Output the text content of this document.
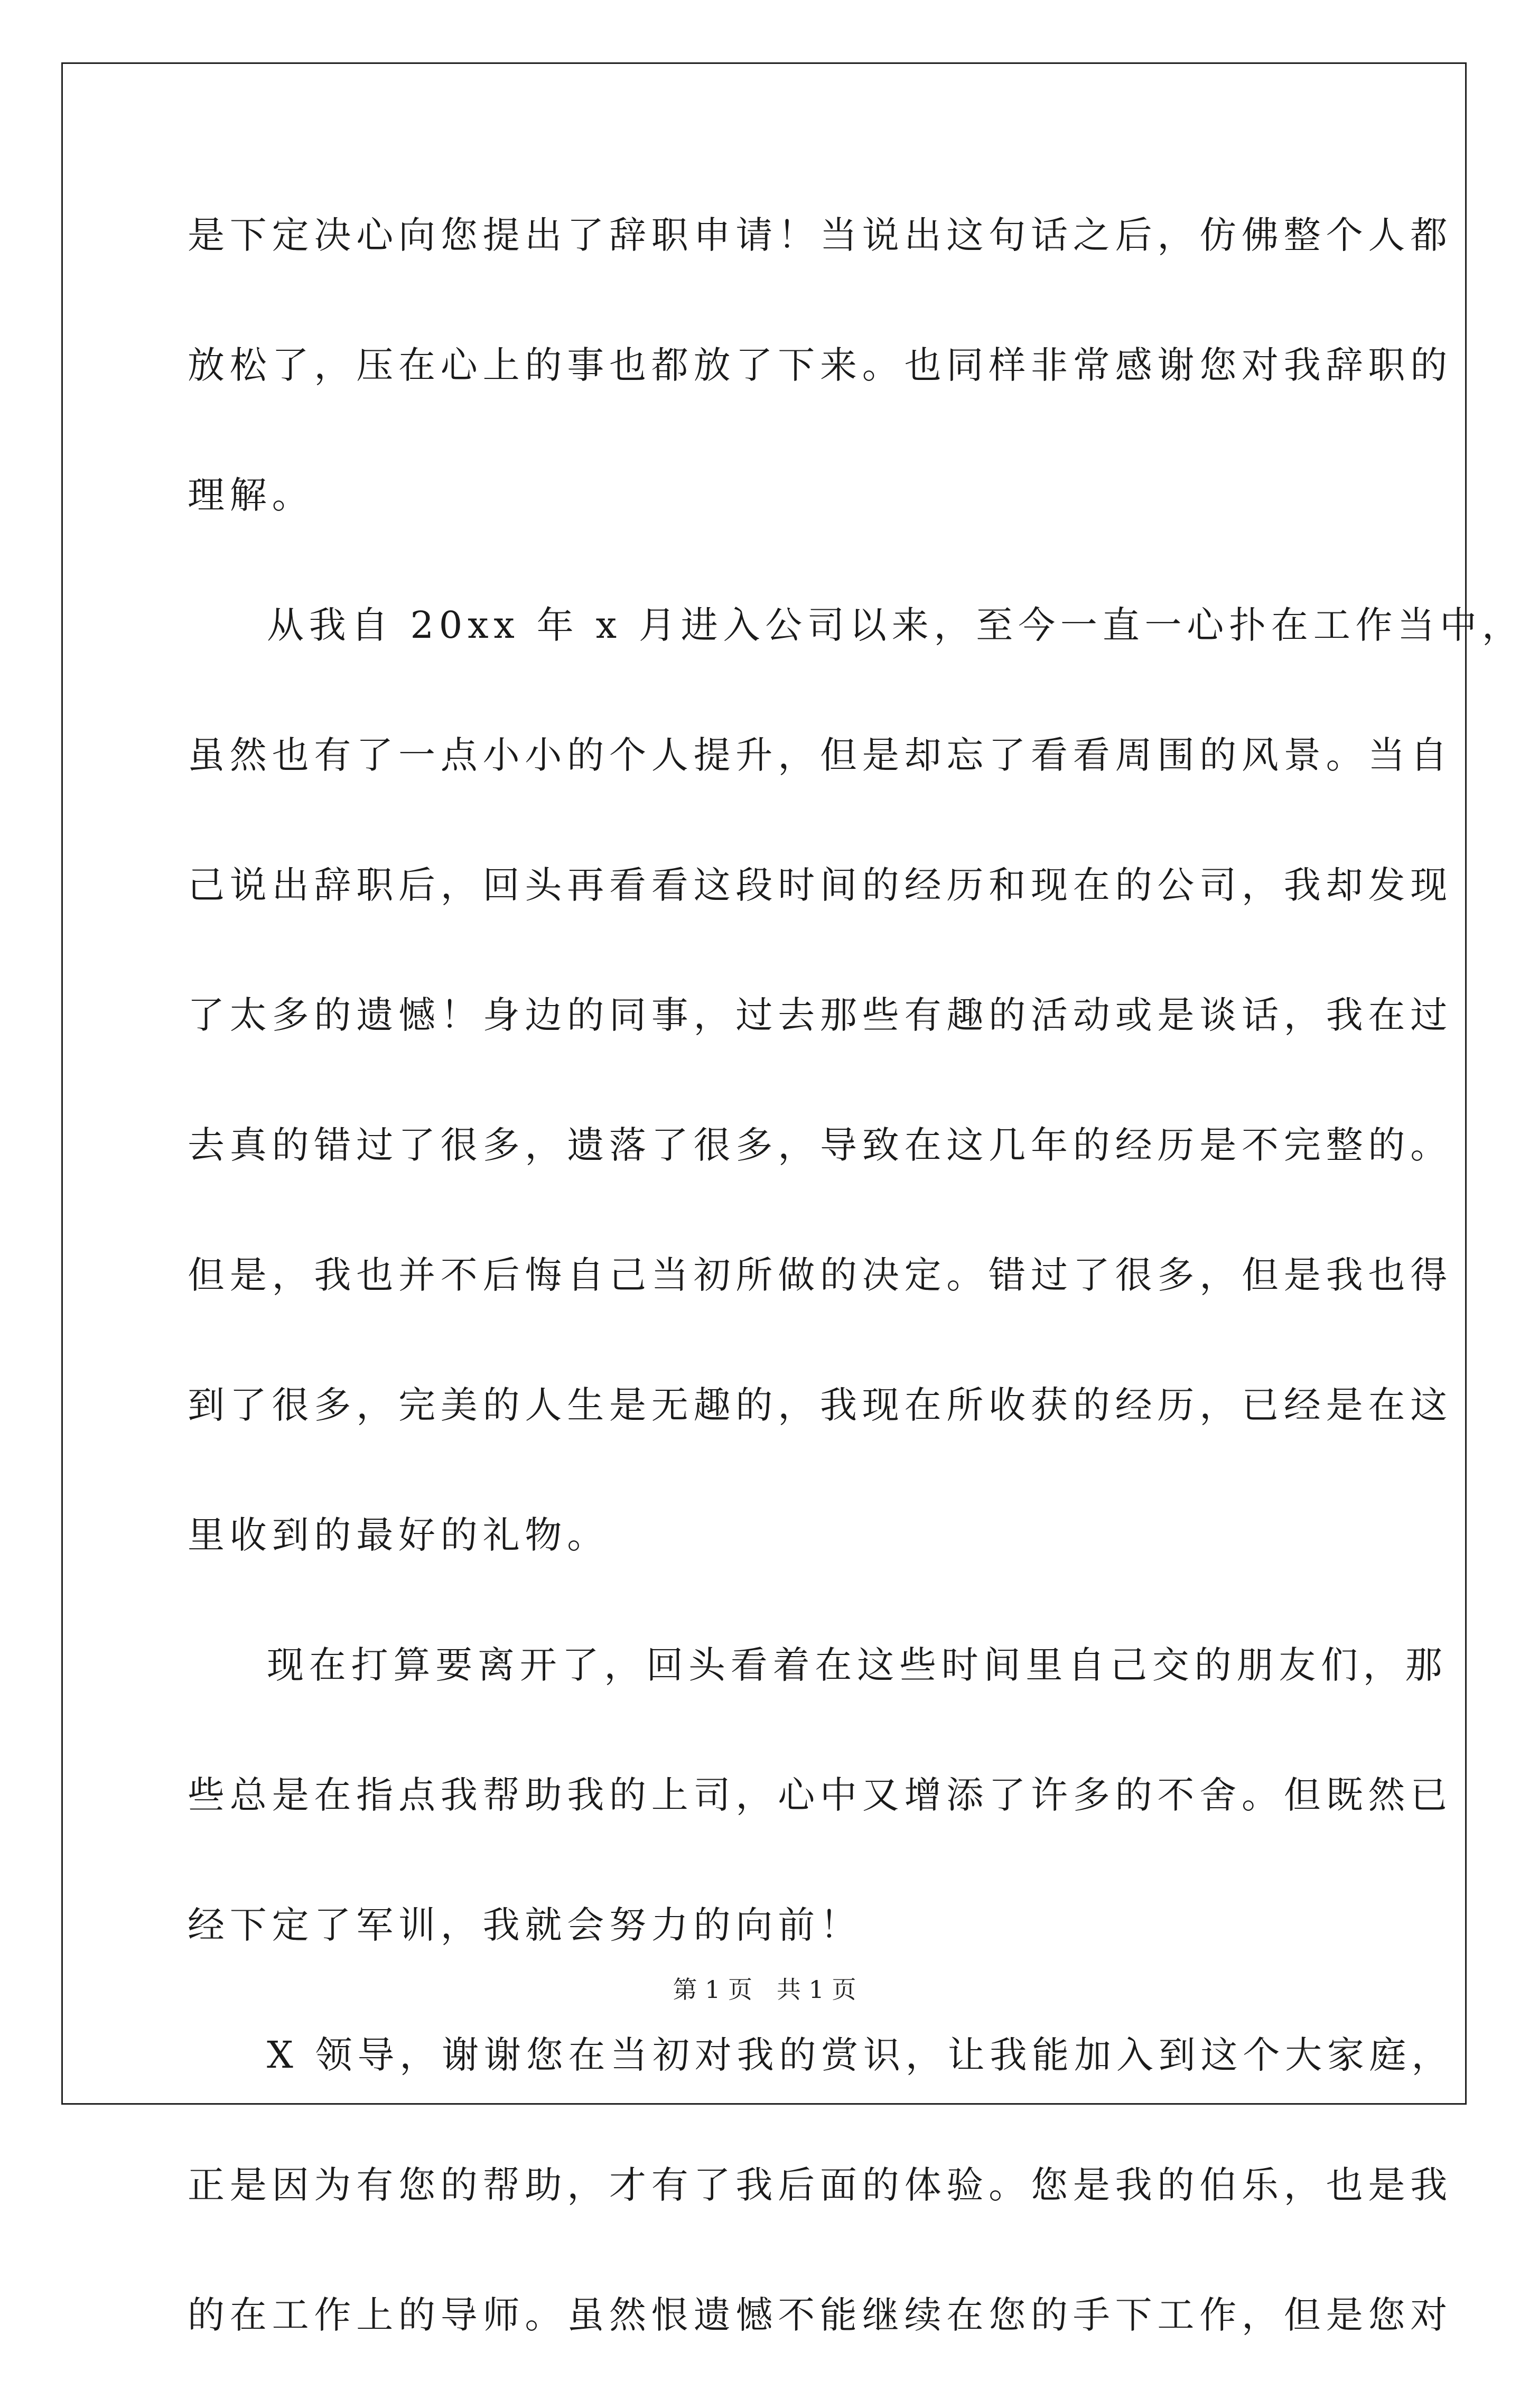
是下定决心向您提出了辞职申请！当说出这句话之后，仿佛整个人都
放松了，压在心上的事也都放了下来。也同样非常感谢您对我辞职的
理解。
从我自 20xx 年 x 月进入公司以来，至今一直一心扑在工作当中，
虽然也有了一点小小的个人提升，但是却忘了看看周围的风景。当自
己说出辞职后，回头再看看这段时间的经历和现在的公司，我却发现
了太多的遗憾！身边的同事，过去那些有趣的活动或是谈话，我在过
去真的错过了很多，遗落了很多，导致在这几年的经历是不完整的。
但是，我也并不后悔自己当初所做的决定。错过了很多，但是我也得
到了很多，完美的人生是无趣的，我现在所收获的经历，已经是在这
里收到的最好的礼物。
现在打算要离开了，回头看着在这些时间里自己交的朋友们，那
些总是在指点我帮助我的上司，心中又增添了许多的不舍。但既然已
经下定了军训，我就会努力的向前！
X 领导，谢谢您在当初对我的赏识，让我能加入到这个大家庭，
正是因为有您的帮助，才有了我后面的体验。您是我的伯乐，也是我
的在工作上的导师。虽然恨遗憾不能继续在您的手下工作，但是您对
第 1 页　共 1 页
